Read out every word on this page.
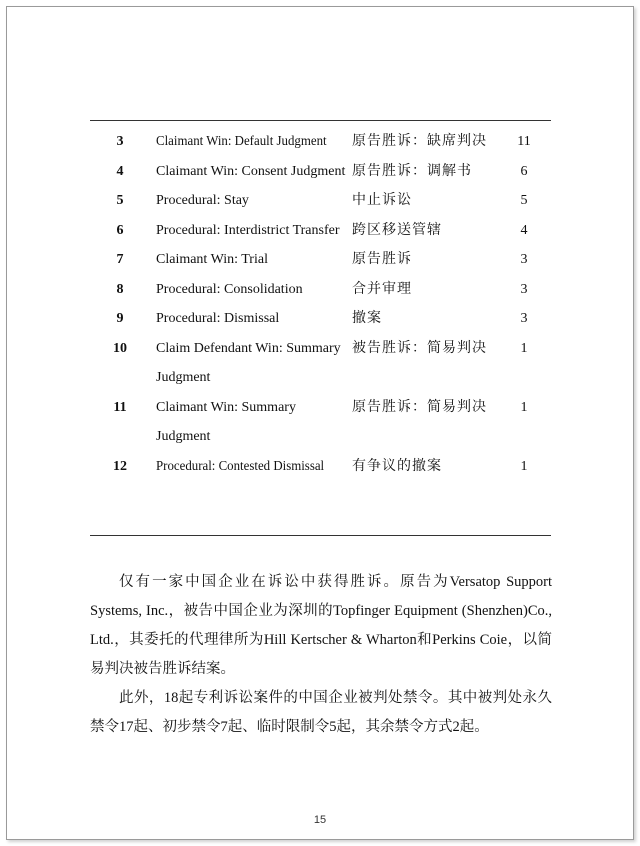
3	Claimant Win: Default Judgment	原告胜诉：缺席判决	11
4	Claimant Win: Consent Judgment	原告胜诉：调解书	6
5	Procedural: Stay	中止诉讼	5
6	Procedural: Interdistrict Transfer	跨区移送管辖	4
7	Claimant Win: Trial	原告胜诉	3
8	Procedural: Consolidation	合并审理	3
9	Procedural: Dismissal	撤案	3
10	Claim Defendant Win: Summary Judgment	被告胜诉：简易判决	1
11	Claimant Win: Summary Judgment	原告胜诉：简易判决	1
12	Procedural: Contested Dismissal	有争议的撤案	1

仅有一家中国企业在诉讼中获得胜诉。原告为Versatop Support Systems, Inc.，被告中国企业为深圳的Topfinger Equipment (Shenzhen)Co., Ltd.，其委托的代理律所为Hill Kertscher & Wharton和Perkins Coie，以简易判决被告胜诉结案。

此外，18起专利诉讼案件的中国企业被判处禁令。其中被判处永久禁令17起、初步禁令7起、临时限制令5起，其余禁令方式2起。

15
